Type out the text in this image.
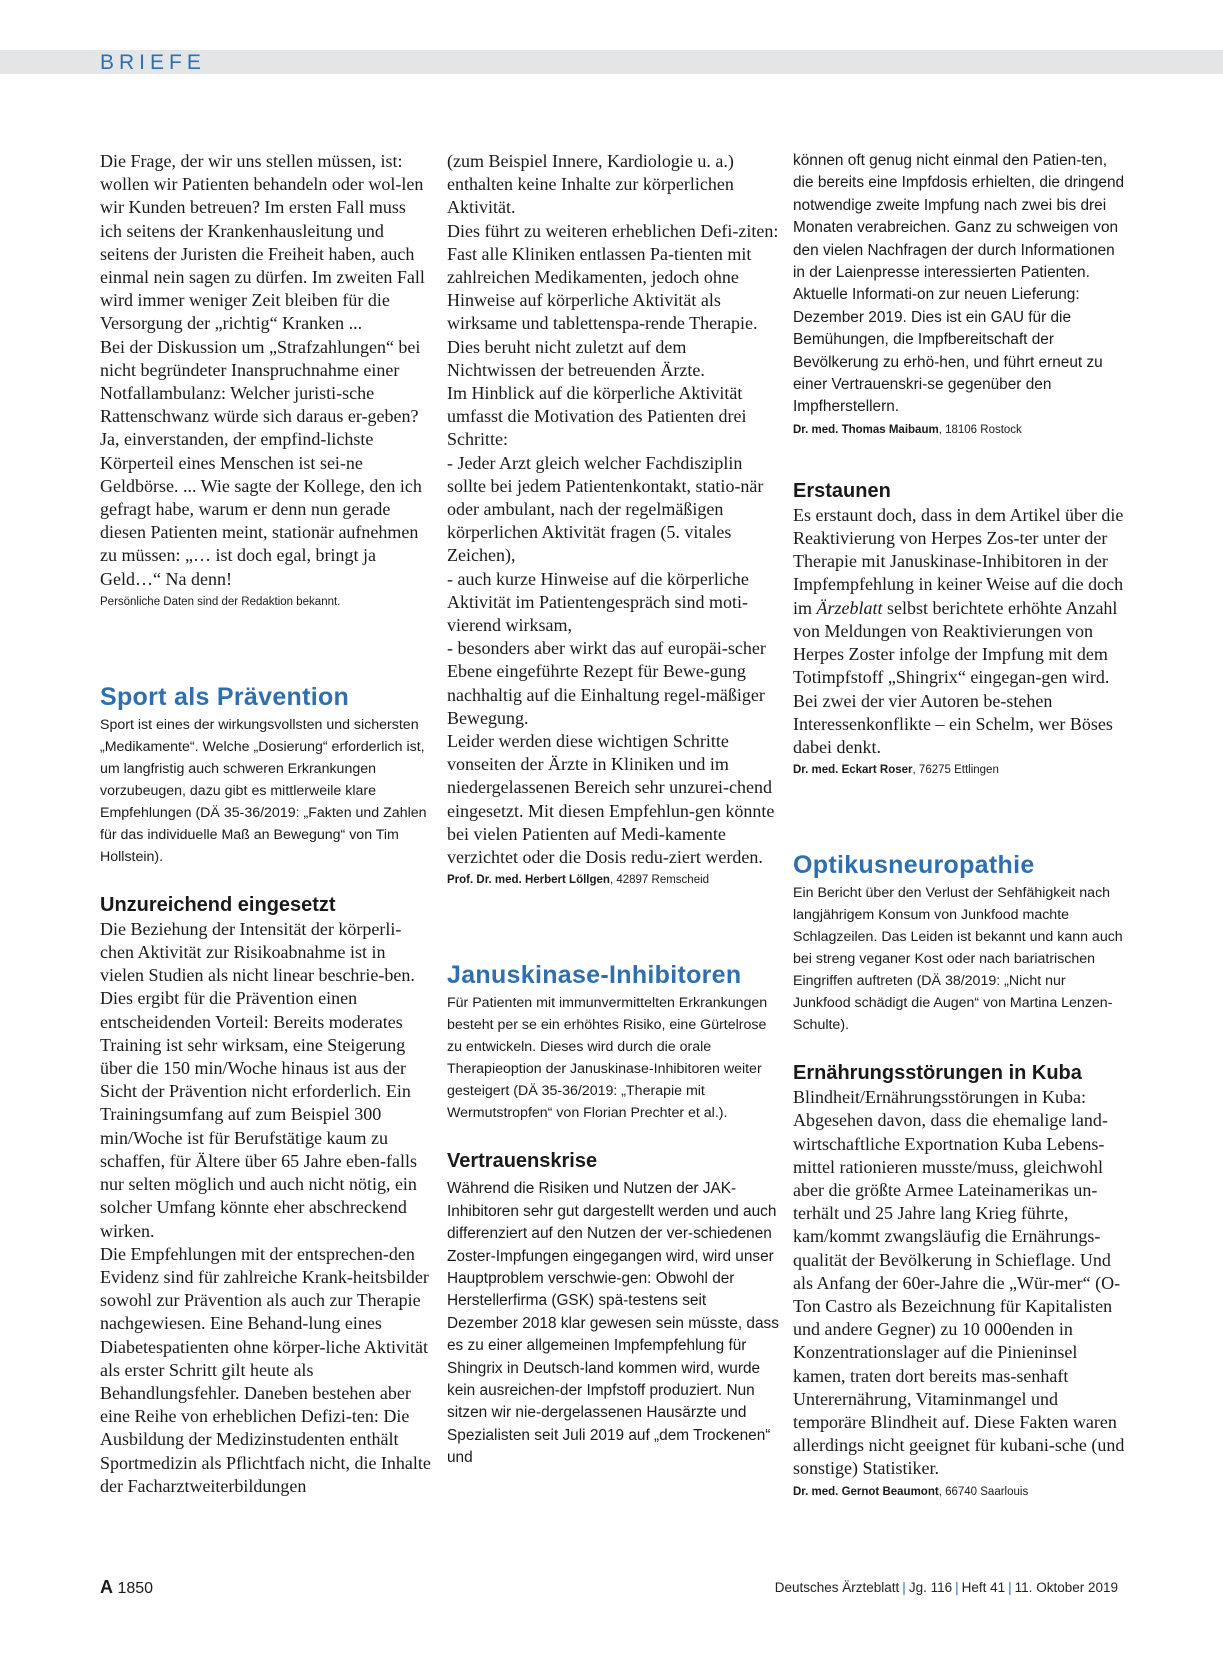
BRIEFE

Die Frage, der wir uns stellen müssen, ist: wollen wir Patienten behandeln oder wol-len wir Kunden betreuen? Im ersten Fall muss ich seitens der Krankenhausleitung und seitens der Juristen die Freiheit haben, auch einmal nein sagen zu dürfen. Im zweiten Fall wird immer weniger Zeit bleiben für die Versorgung der „richtig“ Kranken ...
Bei der Diskussion um „Strafzahlungen“ bei nicht begründeter Inanspruchnahme einer Notfallambulanz: Welcher juristi-sche Rattenschwanz würde sich daraus er-geben? Ja, einverstanden, der empfind-lichste Körperteil eines Menschen ist sei-ne Geldbörse. ... Wie sagte der Kollege, den ich gefragt habe, warum er denn nun gerade diesen Patienten meint, stationär aufnehmen zu müssen: „… ist doch egal, bringt ja Geld…“ Na denn!

Persönliche Daten sind der Redaktion bekannt.
Sport als Prävention

Sport ist eines der wirkungsvollsten und sichersten „Medikamente“. Welche „Dosierung“ erforderlich ist, um langfristig auch schweren Erkrankungen vorzubeugen, dazu gibt es mittlerweile klare Empfehlungen (DÄ 35-36/2019: „Fakten und Zahlen für das individuelle Maß an Bewegung“ von Tim Hollstein).

Unzureichend eingesetzt

Die Beziehung der Intensität der körperli-chen Aktivität zur Risikoabnahme ist in vielen Studien als nicht linear beschrie-ben. Dies ergibt für die Prävention einen entscheidenden Vorteil: Bereits moderates Training ist sehr wirksam, eine Steigerung über die 150 min/Woche hinaus ist aus der Sicht der Prävention nicht erforderlich. Ein Trainingsumfang auf zum Beispiel 300 min/Woche ist für Berufstätige kaum zu schaffen, für Ältere über 65 Jahre eben-falls nur selten möglich und auch nicht nötig, ein solcher Umfang könnte eher abschreckend wirken.
Die Empfehlungen mit der entsprechen-den Evidenz sind für zahlreiche Krank-heitsbilder sowohl zur Prävention als auch zur Therapie nachgewiesen. Eine Behand-lung eines Diabetespatienten ohne körper-liche Aktivität als erster Schritt gilt heute als Behandlungsfehler. Daneben bestehen aber eine Reihe von erheblichen Defizi-ten: Die Ausbildung der Medizinstudenten enthält Sportmedizin als Pflichtfach nicht, die Inhalte der Facharztweiterbildungen

(zum Beispiel Innere, Kardiologie u. a.) enthalten keine Inhalte zur körperlichen Aktivität.
Dies führt zu weiteren erheblichen Defi-ziten: Fast alle Kliniken entlassen Pa-tienten mit zahlreichen Medikamenten, jedoch ohne Hinweise auf körperliche Aktivität als wirksame und tablettenspa-rende Therapie. Dies beruht nicht zuletzt auf dem Nichtwissen der betreuenden Ärzte.
Im Hinblick auf die körperliche Aktivität umfasst die Motivation des Patienten drei Schritte:
- Jeder Arzt gleich welcher Fachdisziplin sollte bei jedem Patientenkontakt, statio-när oder ambulant, nach der regelmäßigen körperlichen Aktivität fragen (5. vitales Zeichen),
- auch kurze Hinweise auf die körperliche Aktivität im Patientengespräch sind moti-vierend wirksam,
- besonders aber wirkt das auf europäi-scher Ebene eingeführte Rezept für Bewe-gung nachhaltig auf die Einhaltung regel-mäßiger Bewegung.
Leider werden diese wichtigen Schritte vonseiten der Ärzte in Kliniken und im niedergelassenen Bereich sehr unzurei-chend eingesetzt. Mit diesen Empfehlun-gen könnte bei vielen Patienten auf Medi-kamente verzichtet oder die Dosis redu-ziert werden.

Prof. Dr. med. Herbert Löllgen, 42897 Remscheid
Januskinase-Inhibitoren

Für Patienten mit immunvermittelten Erkrankungen besteht per se ein erhöhtes Risiko, eine Gürtelrose zu entwickeln. Dieses wird durch die orale Therapieoption der Januskinase-Inhibitoren weiter gesteigert (DÄ 35-36/2019: „Therapie mit Wermutstropfen“ von Florian Prechter et al.).

Vertrauenskrise

Während die Risiken und Nutzen der JAK-Inhibitoren sehr gut dargestellt werden und auch differenziert auf den Nutzen der ver-schiedenen Zoster-Impfungen eingegangen wird, wird unser Hauptproblem verschwie-gen: Obwohl der Herstellerfirma (GSK) spä-testens seit Dezember 2018 klar gewesen sein müsste, dass es zu einer allgemeinen Impfempfehlung für Shingrix in Deutsch-land kommen wird, wurde kein ausreichen-der Impfstoff produziert. Nun sitzen wir nie-dergelassenen Hausärzte und Spezialisten seit Juli 2019 auf „dem Trockenen“ und

können oft genug nicht einmal den Patien-ten, die bereits eine Impfdosis erhielten, die dringend notwendige zweite Impfung nach zwei bis drei Monaten verabreichen. Ganz zu schweigen von den vielen Nachfragen der durch Informationen in der Laienpresse interessierten Patienten. Aktuelle Informati-on zur neuen Lieferung: Dezember 2019. Dies ist ein GAU für die Bemühungen, die Impfbereitschaft der Bevölkerung zu erhö-hen, und führt erneut zu einer Vertrauenskri-se gegenüber den Impfherstellern.

Dr. med. Thomas Maibaum, 18106 Rostock
Erstaunen

Es erstaunt doch, dass in dem Artikel über die Reaktivierung von Herpes Zos-ter unter der Therapie mit Januskinase-Inhibitoren in der Impfempfehlung in keiner Weise auf die doch im Ärzeblatt selbst berichtete erhöhte Anzahl von Meldungen von Reaktivierungen von Herpes Zoster infolge der Impfung mit dem Totimpfstoff „Shingrix“ eingegan-gen wird. Bei zwei der vier Autoren be-stehen Interessenkonflikte – ein Schelm, wer Böses dabei denkt.

Dr. med. Eckart Roser, 76275 Ettlingen
Optikusneuropathie

Ein Bericht über den Verlust der Sehfähigkeit nach langjährigem Konsum von Junkfood machte Schlagzeilen. Das Leiden ist bekannt und kann auch bei streng veganer Kost oder nach bariatrischen Eingriffen auftreten (DÄ 38/2019: „Nicht nur Junkfood schädigt die Augen“ von Martina Lenzen-Schulte).

Ernährungsstörungen in Kuba

Blindheit/Ernährungsstörungen in Kuba: Abgesehen davon, dass die ehemalige land-wirtschaftliche Exportnation Kuba Lebens-mittel rationieren musste/muss, gleichwohl aber die größte Armee Lateinamerikas un-terhält und 25 Jahre lang Krieg führte, kam/kommt zwangsläufig die Ernährungs-qualität der Bevölkerung in Schieflage. Und als Anfang der 60er-Jahre die „Wür-mer“ (O-Ton Castro als Bezeichnung für Kapitalisten und andere Gegner) zu 10 000enden in Konzentrationslager auf die Pinieninsel kamen, traten dort bereits mas-senhaft Unterernährung, Vitaminmangel und temporäre Blindheit auf. Diese Fakten waren allerdings nicht geeignet für kubani-sche (und sonstige) Statistiker.

Dr. med. Gernot Beaumont, 66740 Saarlouis
A 1850	Deutsches Ärzteblatt | Jg. 116 | Heft 41 | 11. Oktober 2019
